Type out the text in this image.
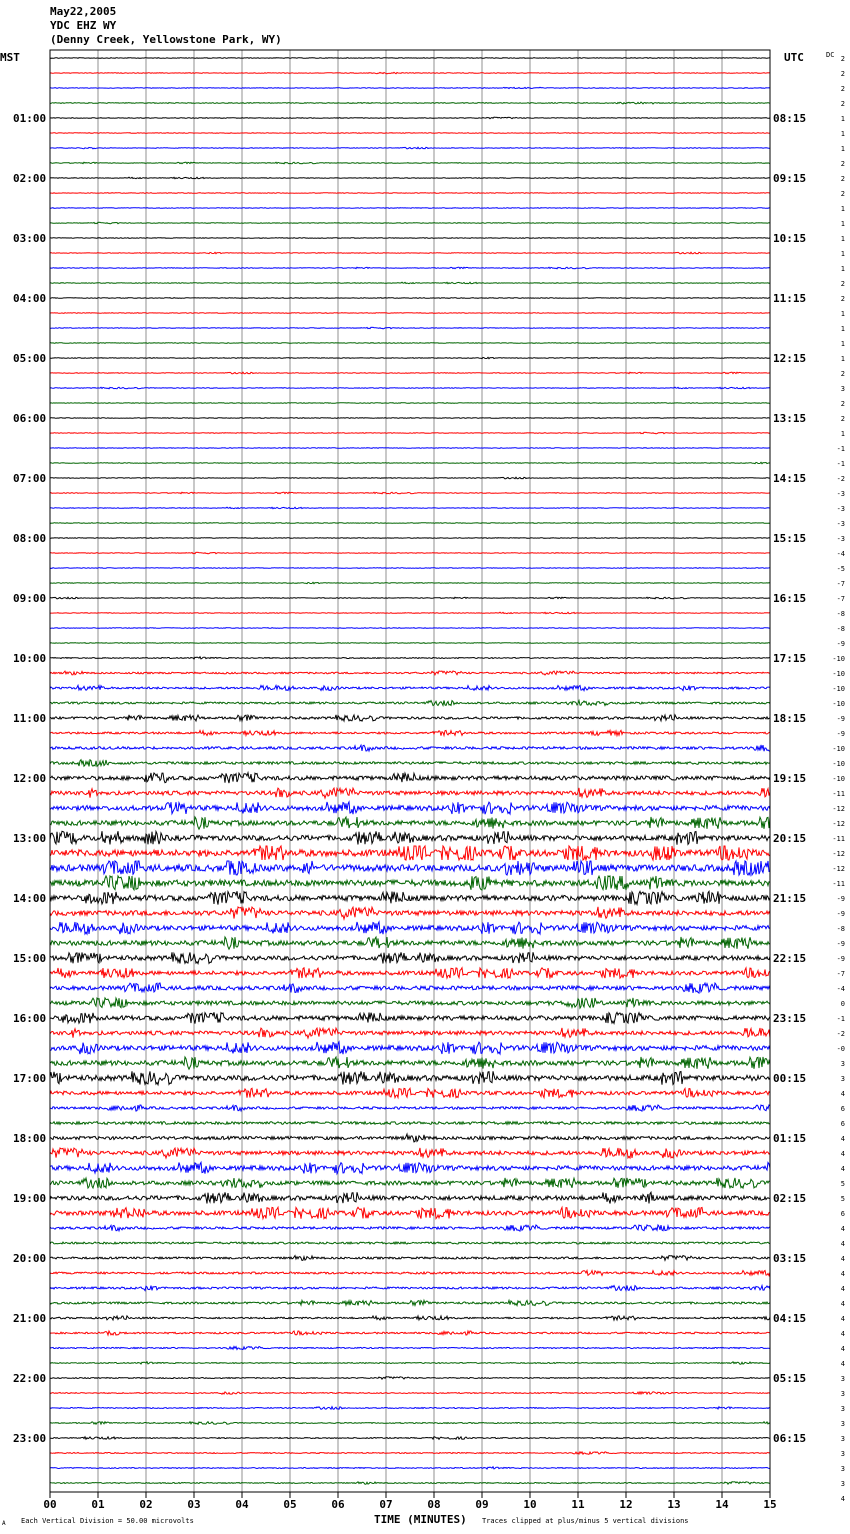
00	01	02	03	04	05	06	07	08	09	10	11	12	13	14	15
01:00
02:00
03:00
04:00
05:00
06:00
07:00
08:00
09:00
10:00
11:00
12:00
13:00
14:00
15:00
16:00
17:00
18:00
19:00
20:00
21:00
22:00
23:00
08:15
09:15
10:15
11:15
12:15
13:15
14:15
15:15
16:15
17:15
18:15
19:15
20:15
21:15
22:15
23:15
00:15
01:15
02:15
03:15
04:15
05:15
06:15
2
2
2
2
1
1
1
2
2
2
1
1
1
1
1
2
2
1
1
1
1
2
3
2
2
1
-1
-1
-2
-3
-3
-3
-3
-4
-5
-7
-7
-8
-8
-9
-10
-10
-10
-10
-9
-9
-10
-10
-10
-11
-12
-12
-11
-12
-12
-11
-9
-9
-8
-9
-9
-7
-4
0
-1
-2
-0
3
3
4
6
6
4
4
4
5
5
6
4
4
4
4
4
4
4
4
4
4
3
3
3
3
3
3
3
3
4
MST	UTC	DC
TIME (MINUTES)
Each Vertical Division = 50.00 microvolts	Traces clipped at plus/minus 5 vertical divisions
A
May22,2005
YDC EHZ WY
(Denny Creek, Yellowstone Park, WY)
